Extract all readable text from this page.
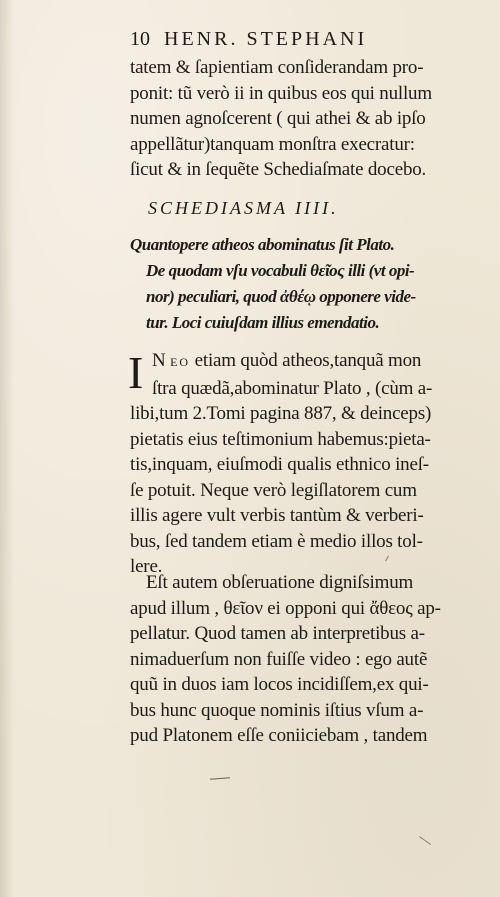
10 HENR. STEPHANI
tatem & ſapientiam conſiderandam pro-
ponit: tũ verò ii in quibus eos qui nullum
numen agnoſcerent ( qui athei & ab ipſo
appellãtur)tanquam monſtra execratur:
ſicut & in ſequẽte Schediaſmate docebo.
SCHEDIASMA IIII.
Quantopere atheos abominatus ſit Plato.
De quodam vſu vocabuli θεῖος illi (vt opi-
nor) peculiari, quod ἀθέῳ opponere vide-
tur. Loci cuiuſdam illius emendatio.
I N EO etiam quòd atheos,tanquã mon
ſtra quædã,abominatur Plato , (cùm a-
libi,tum 2.Tomi pagina 887, & deinceps)
pietatis eius teſtimonium habemus:pieta-
tis,inquam, eiuſmodi qualis ethnico ineſ-
ſe potuit. Neque verò legiſlatorem cum
illis agere vult verbis tantùm & verberi-
bus, ſed tandem etiam è medio illos tol-
lere.
Eſt autem obſeruatione digniſsimum
apud illum , θεῖον ei opponi qui ἄθεος ap-
pellatur. Quod tamen ab interpretibus a-
nimaduerſum non fuiſſe video : ego autẽ
quũ in duos iam locos incidiſſem,ex qui-
bus hunc quoque nominis iſtius vſum a-
pud Platonem eſſe coniiciebam , tandem
